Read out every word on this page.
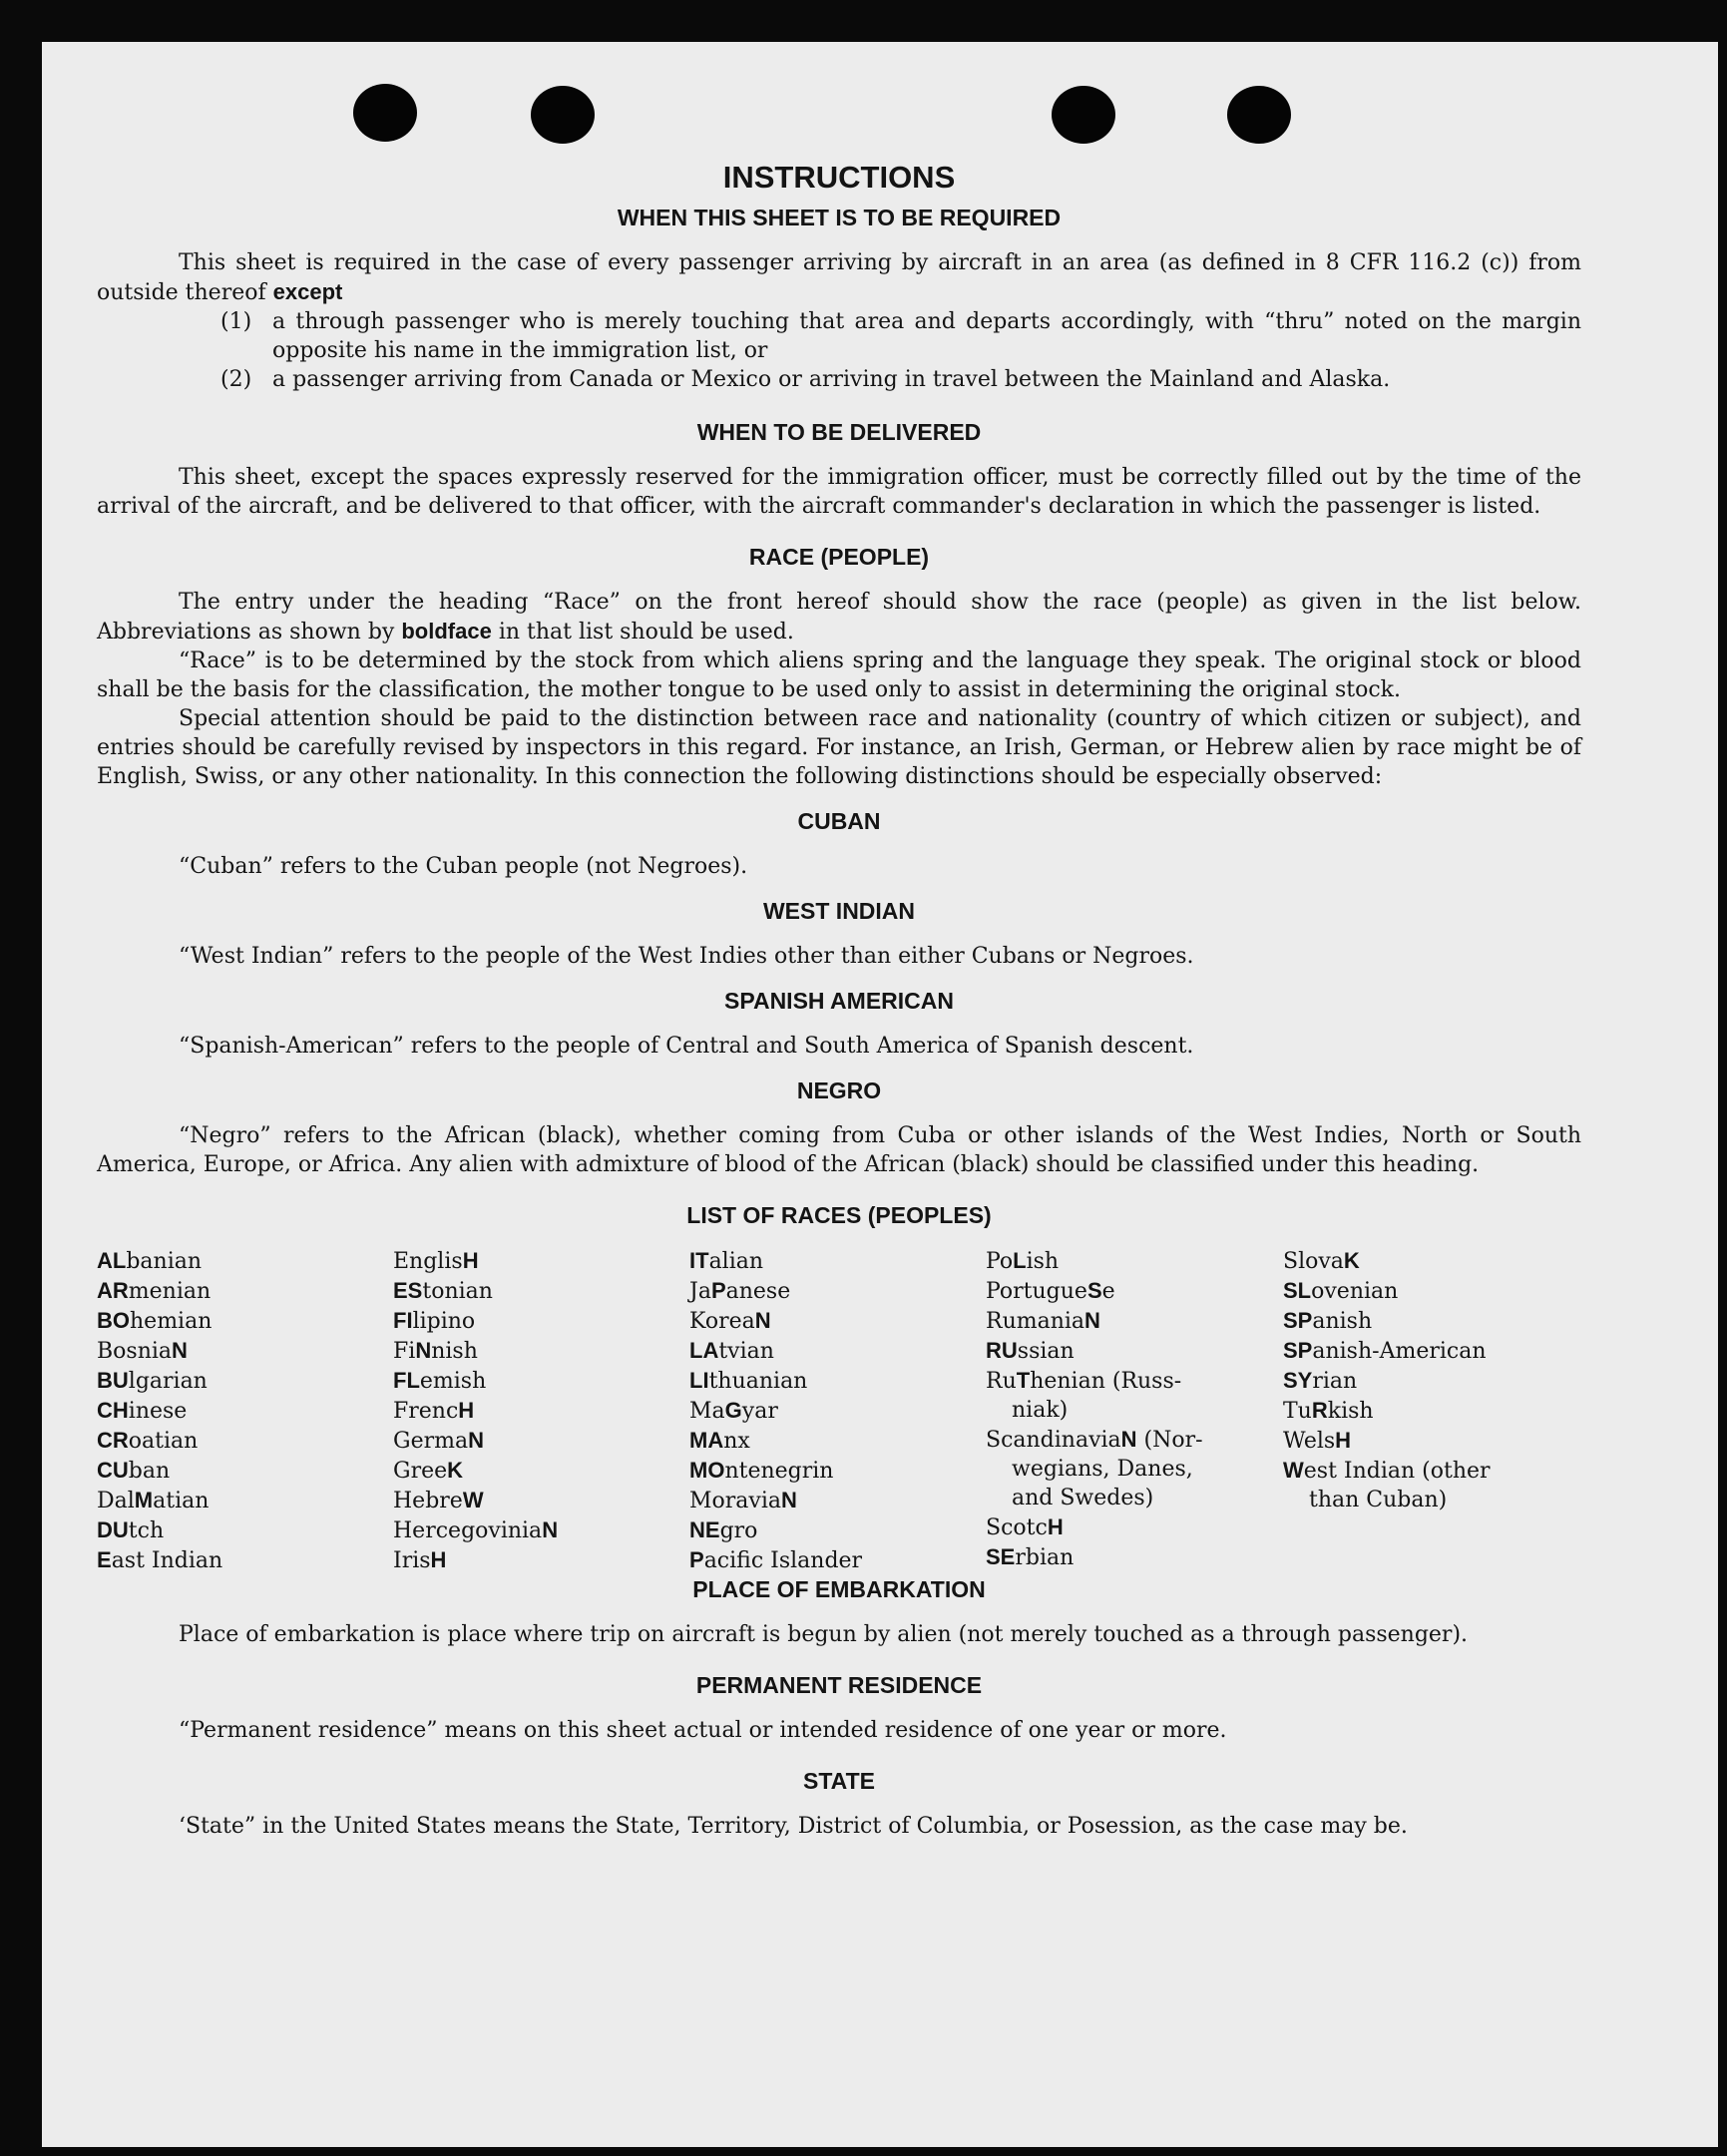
INSTRUCTIONS
WHEN THIS SHEET IS TO BE REQUIRED

This sheet is required in the case of every passenger arriving by aircraft in an area (as defined in 8 CFR 116.2 (c)) from outside thereof except

(1) a through passenger who is merely touching that area and departs accordingly, with “thru” noted on the margin opposite his name in the immigration list, or
(2) a passenger arriving from Canada or Mexico or arriving in travel between the Mainland and Alaska.
WHEN TO BE DELIVERED

This sheet, except the spaces expressly reserved for the immigration officer, must be correctly filled out by the time of the arrival of the aircraft, and be delivered to that officer, with the aircraft commander's declaration in which the passenger is listed.

RACE (PEOPLE)

The entry under the heading “Race” on the front hereof should show the race (people) as given in the list below. Abbreviations as shown by boldface in that list should be used.

“Race” is to be determined by the stock from which aliens spring and the language they speak. The original stock or blood shall be the basis for the classification, the mother tongue to be used only to assist in determining the original stock.

Special attention should be paid to the distinction between race and nationality (country of which citizen or subject), and entries should be carefully revised by inspectors in this regard. For instance, an Irish, German, or Hebrew alien by race might be of English, Swiss, or any other nationality. In this connection the following distinctions should be especially observed:

CUBAN

“Cuban” refers to the Cuban people (not Negroes).

WEST INDIAN

“West Indian” refers to the people of the West Indies other than either Cubans or Negroes.

SPANISH AMERICAN

“Spanish-American” refers to the people of Central and South America of Spanish descent.

NEGRO

“Negro” refers to the African (black), whether coming from Cuba or other islands of the West Indies, North or South America, Europe, or Africa. Any alien with admixture of blood of the African (black) should be classified under this heading.

LIST OF RACES (PEOPLES)
ALbanian
ARmenian
BOhemian
BosniaN
BUlgarian
CHinese
CRoatian
CUban
DalMatian
DUtch
East Indian
EnglisH
EStonian
FIlipino
FiNnish
FLemish
FrencH
GermaN
GreeK
HebreW
HercegoviniaN
IrisH
ITalian
JaPanese
KoreaN
LAtvian
LIthuanian
MaGyar
MAnx
MOntenegrin
MoraviaN
NEgro
Pacific Islander
PoLish
PortugueSe
RumaniaN
RUssian
RuThenian (Russ-
niak)
ScandinaviaN (Nor-
wegians, Danes,
and Swedes)
ScotcH
SErbian
SlovaK
SLovenian
SPanish
SPanish-American
SYrian
TuRkish
WelsH
West Indian (other
than Cuban)
PLACE OF EMBARKATION

Place of embarkation is place where trip on aircraft is begun by alien (not merely touched as a through passenger).

PERMANENT RESIDENCE

“Permanent residence” means on this sheet actual or intended residence of one year or more.

STATE

‘State” in the United States means the State, Territory, District of Columbia, or Posession, as the case may be.
